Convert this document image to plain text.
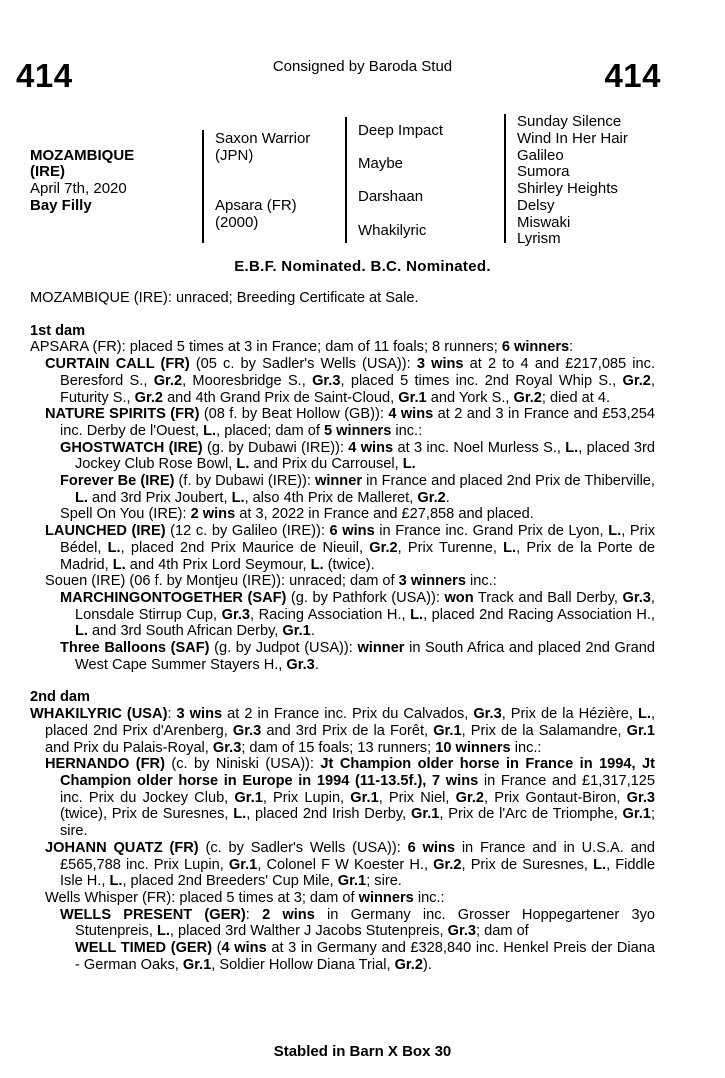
414	414
Consigned by Baroda Stud
MOZAMBIQUE
(IRE)
April 7th, 2020
Bay Filly
Saxon Warrior
(JPN)
Apsara (FR)
(2000)
Deep Impact
Maybe
Darshaan
Whakilyric
Sunday Silence
Wind In Her Hair
Galileo
Sumora
Shirley Heights
Delsy
Miswaki
Lyrism
E.B.F. Nominated. B.C. Nominated.

MOZAMBIQUE (IRE): unraced; Breeding Certificate at Sale.

1st dam

APSARA (FR): placed 5 times at 3 in France; dam of 11 foals; 8 runners; 6 winners:

CURTAIN CALL (FR) (05 c. by Sadler's Wells (USA)): 3 wins at 2 to 4 and £217,085 inc. Beresford S., Gr.2, Mooresbridge S., Gr.3, placed 5 times inc. 2nd Royal Whip S., Gr.2, Futurity S., Gr.2 and 4th Grand Prix de Saint-Cloud, Gr.1 and York S., Gr.2; died at 4.

NATURE SPIRITS (FR) (08 f. by Beat Hollow (GB)): 4 wins at 2 and 3 in France and £53,254 inc. Derby de l'Ouest, L., placed; dam of 5 winners inc.:

GHOSTWATCH (IRE) (g. by Dubawi (IRE)): 4 wins at 3 inc. Noel Murless S., L., placed 3rd Jockey Club Rose Bowl, L. and Prix du Carrousel, L.

Forever Be (IRE) (f. by Dubawi (IRE)): winner in France and placed 2nd Prix de Thiberville, L. and 3rd Prix Joubert, L., also 4th Prix de Malleret, Gr.2.

Spell On You (IRE): 2 wins at 3, 2022 in France and £27,858 and placed.

LAUNCHED (IRE) (12 c. by Galileo (IRE)): 6 wins in France inc. Grand Prix de Lyon, L., Prix Bédel, L., placed 2nd Prix Maurice de Nieuil, Gr.2, Prix Turenne, L., Prix de la Porte de Madrid, L. and 4th Prix Lord Seymour, L. (twice).

Souen (IRE) (06 f. by Montjeu (IRE)): unraced; dam of 3 winners inc.:

MARCHINGONTOGETHER (SAF) (g. by Pathfork (USA)): won Track and Ball Derby, Gr.3, Lonsdale Stirrup Cup, Gr.3, Racing Association H., L., placed 2nd Racing Association H., L. and 3rd South African Derby, Gr.1.

Three Balloons (SAF) (g. by Judpot (USA)): winner in South Africa and placed 2nd Grand West Cape Summer Stayers H., Gr.3.

2nd dam

WHAKILYRIC (USA): 3 wins at 2 in France inc. Prix du Calvados, Gr.3, Prix de la Hézière, L., placed 2nd Prix d'Arenberg, Gr.3 and 3rd Prix de la Forêt, Gr.1, Prix de la Salamandre, Gr.1 and Prix du Palais-Royal, Gr.3; dam of 15 foals; 13 runners; 10 winners inc.:

HERNANDO (FR) (c. by Niniski (USA)): Jt Champion older horse in France in 1994, Jt Champion older horse in Europe in 1994 (11-13.5f.), 7 wins in France and £1,317,125 inc. Prix du Jockey Club, Gr.1, Prix Lupin, Gr.1, Prix Niel, Gr.2, Prix Gontaut-Biron, Gr.3 (twice), Prix de Suresnes, L., placed 2nd Irish Derby, Gr.1, Prix de l'Arc de Triomphe, Gr.1; sire.

JOHANN QUATZ (FR) (c. by Sadler's Wells (USA)): 6 wins in France and in U.S.A. and £565,788 inc. Prix Lupin, Gr.1, Colonel F W Koester H., Gr.2, Prix de Suresnes, L., Fiddle Isle H., L., placed 2nd Breeders' Cup Mile, Gr.1; sire.

Wells Whisper (FR): placed 5 times at 3; dam of winners inc.:

WELLS PRESENT (GER): 2 wins in Germany inc. Grosser Hoppegartener 3yo Stutenpreis, L., placed 3rd Walther J Jacobs Stutenpreis, Gr.3; dam of
WELL TIMED (GER) (4 wins at 3 in Germany and £328,840 inc. Henkel Preis der Diana - German Oaks, Gr.1, Soldier Hollow Diana Trial, Gr.2).

Stabled in Barn X Box 30
